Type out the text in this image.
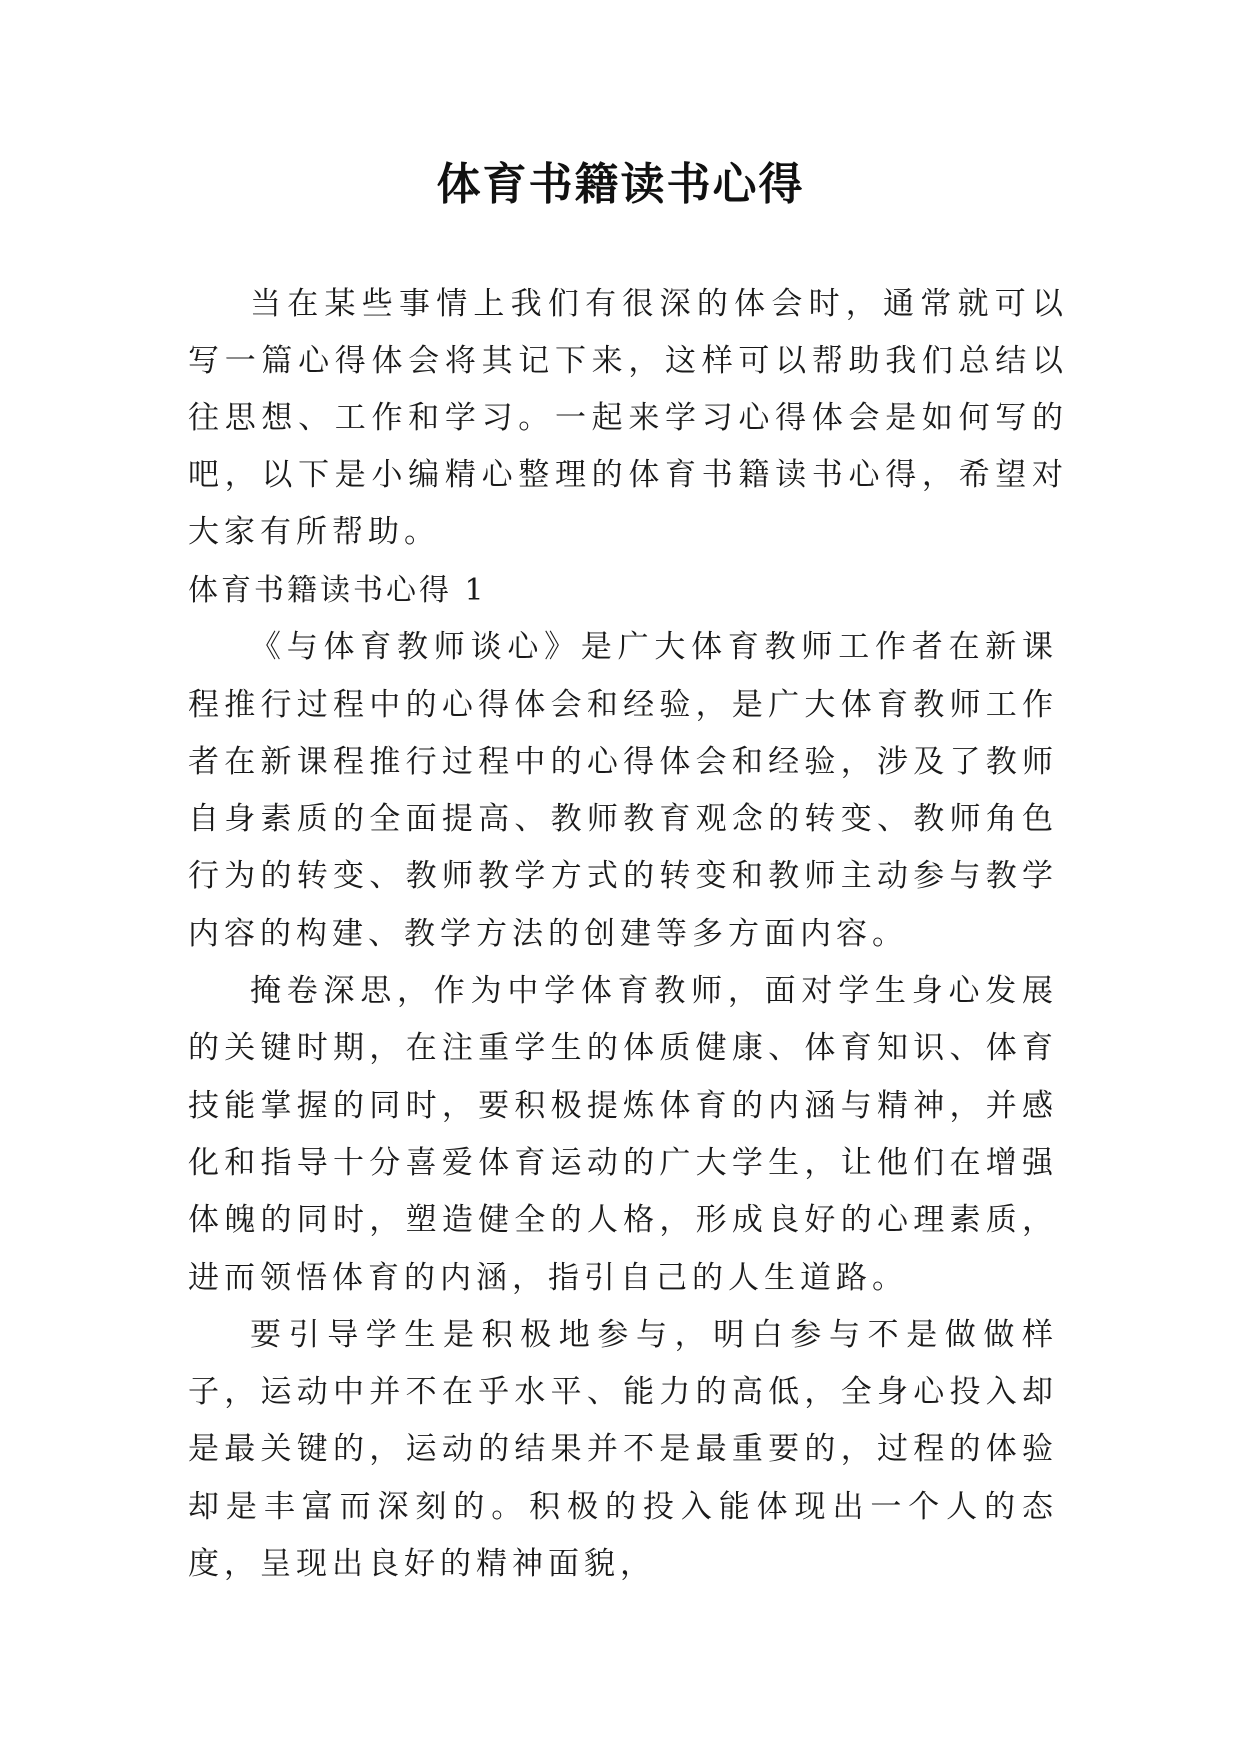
体育书籍读书心得

当在某些事情上我们有很深的体会时，通常就可以写一篇心得体会将其记下来，这样可以帮助我们总结以往思想、工作和学习。一起来学习心得体会是如何写的吧，以下是小编精心整理的体育书籍读书心得，希望对大家有所帮助。

体育书籍读书心得 1

《与体育教师谈心》是广大体育教师工作者在新课程推行过程中的心得体会和经验，是广大体育教师工作者在新课程推行过程中的心得体会和经验，涉及了教师自身素质的全面提高、教师教育观念的转变、教师角色行为的转变、教师教学方式的转变和教师主动参与教学内容的构建、教学方法的创建等多方面内容。

掩卷深思，作为中学体育教师，面对学生身心发展的关键时期，在注重学生的体质健康、体育知识、体育技能掌握的同时，要积极提炼体育的内涵与精神，并感化和指导十分喜爱体育运动的广大学生，让他们在增强体魄的同时，塑造健全的人格，形成良好的心理素质，进而领悟体育的内涵，指引自己的人生道路。

要引导学生是积极地参与，明白参与不是做做样子，运动中并不在乎水平、能力的高低，全身心投入却是最关键的，运动的结果并不是最重要的，过程的体验却是丰富而深刻的。积极的投入能体现出一个人的态度，呈现出良好的精神面貌，
